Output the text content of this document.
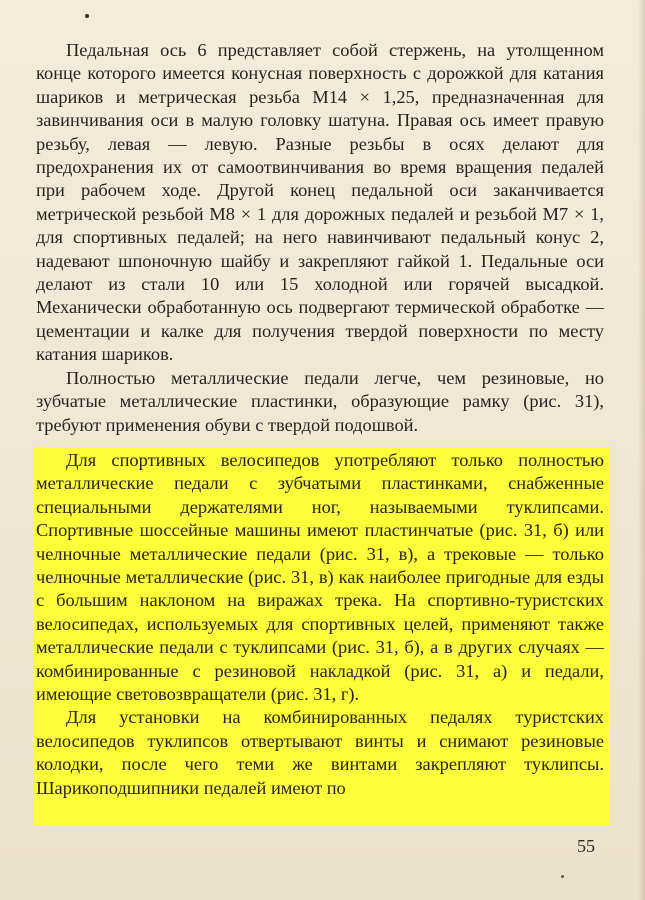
Педальная ось 6 представляет собой стержень, на утолщенном конце которого имеется конусная поверхность с дорожкой для катания шариков и метрическая резьба М14 × 1,25, предназначенная для завинчивания оси в малую головку шатуна. Правая ось имеет правую резьбу, левая — левую. Разные резьбы в осях делают для предохранения их от самоотвинчивания во время вращения педалей при рабочем ходе. Другой конец педальной оси заканчивается метрической резьбой М8 × 1 для дорожных педалей и резьбой М7 × 1, для спортивных педалей; на него навинчивают педальный конус 2, надевают шпоночную шайбу и закрепляют гайкой 1. Педальные оси делают из стали 10 или 15 холодной или горячей высадкой. Механически обработанную ось подвергают термической обработке — цементации и калке для получения твердой поверхности по месту катания шариков.

Полностью металлические педали легче, чем резиновые, но зубчатые металлические пластинки, образующие рамку (рис. 31), требуют применения обуви с твердой подошвой.

Для спортивных велосипедов употребляют только полностью металлические педали с зубчатыми пластинками, снабженные специальными держателями ног, называемыми туклипсами. Спортивные шоссейные машины имеют пластинчатые (рис. 31, б) или челночные металлические педали (рис. 31, в), а трековые — только челночные металлические (рис. 31, в) как наиболее пригодные для езды с большим наклоном на виражах трека. На спортивно-туристских велосипедах, используемых для спортивных целей, применяют также металлические педали с туклипсами (рис. 31, б), а в других случаях — комбинированные с резиновой накладкой (рис. 31, а) и педали, имеющие световозвращатели (рис. 31, г).

Для установки на комбинированных педалях туристских велосипедов туклипсов отвертывают винты и снимают резиновые колодки, после чего теми же винтами закрепляют туклипсы. Шарикоподшипники педалей имеют по

55
